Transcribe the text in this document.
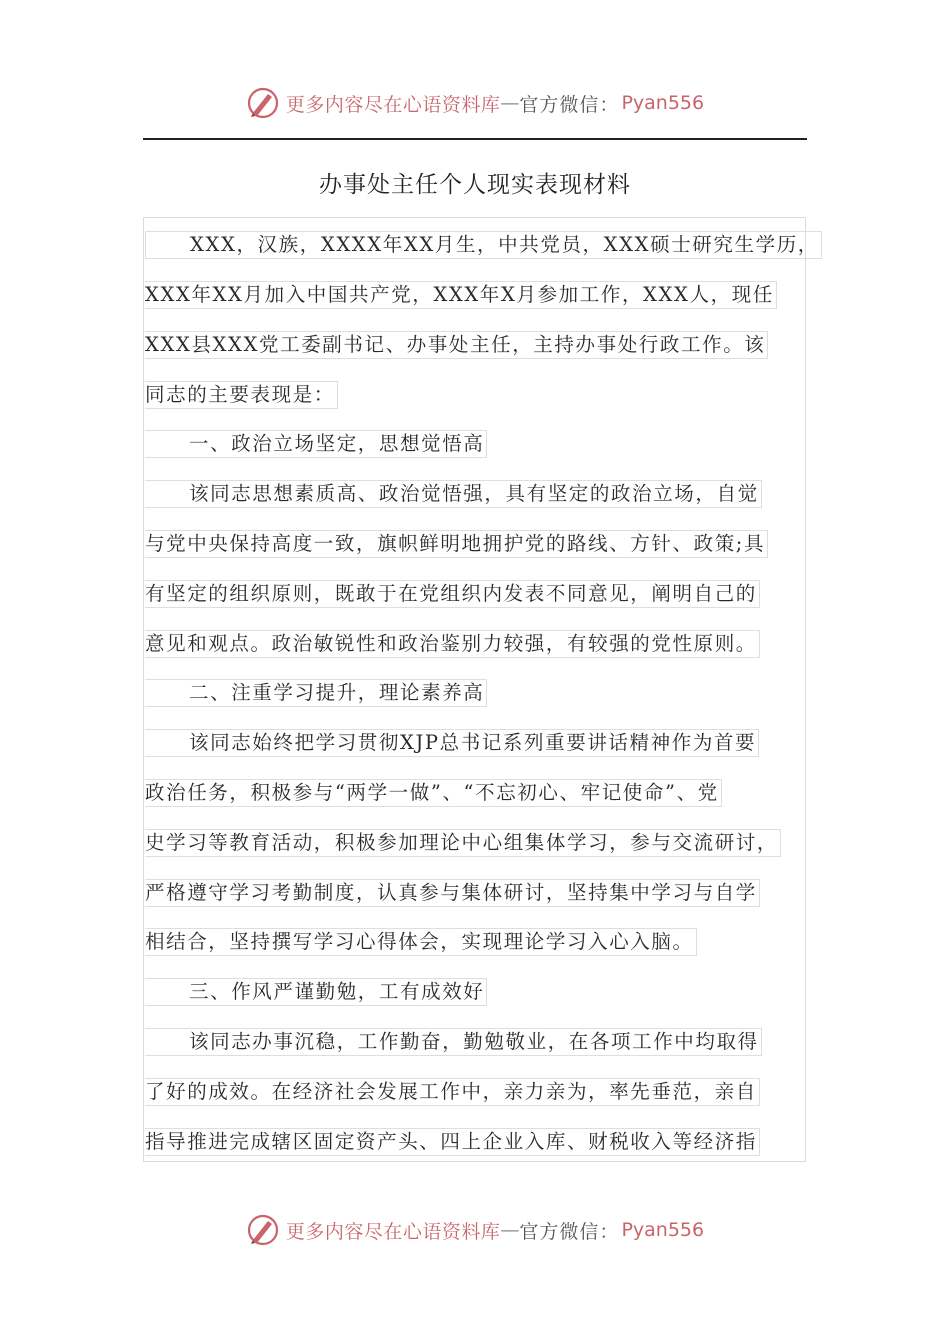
更多内容尽在心语资料库 — 官方微信： Pyan556
办事处主任个人现实表现材料
XXX，汉族，XXXX年XX月生，中共党员，XXX硕士研究生学历，
XXX年XX月加入中国共产党，XXX年X月参加工作，XXX人，现任
XXX县XXX党工委副书记、办事处主任，主持办事处行政工作。该
同志的主要表现是：
一、政治立场坚定，思想觉悟高
该同志思想素质高、政治觉悟强，具有坚定的政治立场，自觉
与党中央保持高度一致，旗帜鲜明地拥护党的路线、方针、政策;具
有坚定的组织原则，既敢于在党组织内发表不同意见，阐明自己的
意见和观点。政治敏锐性和政治鉴别力较强，有较强的党性原则。
二、注重学习提升，理论素养高
该同志始终把学习贯彻XJP总书记系列重要讲话精神作为首要
政治任务，积极参与“两学一做”、“不忘初心、牢记使命”、党
史学习等教育活动，积极参加理论中心组集体学习，参与交流研讨，
严格遵守学习考勤制度，认真参与集体研讨，坚持集中学习与自学
相结合，坚持撰写学习心得体会，实现理论学习入心入脑。
三、作风严谨勤勉，工有成效好
该同志办事沉稳，工作勤奋，勤勉敬业，在各项工作中均取得
了好的成效。在经济社会发展工作中，亲力亲为，率先垂范，亲自
指导推进完成辖区固定资产头、四上企业入库、财税收入等经济指
更多内容尽在心语资料库 — 官方微信： Pyan556
